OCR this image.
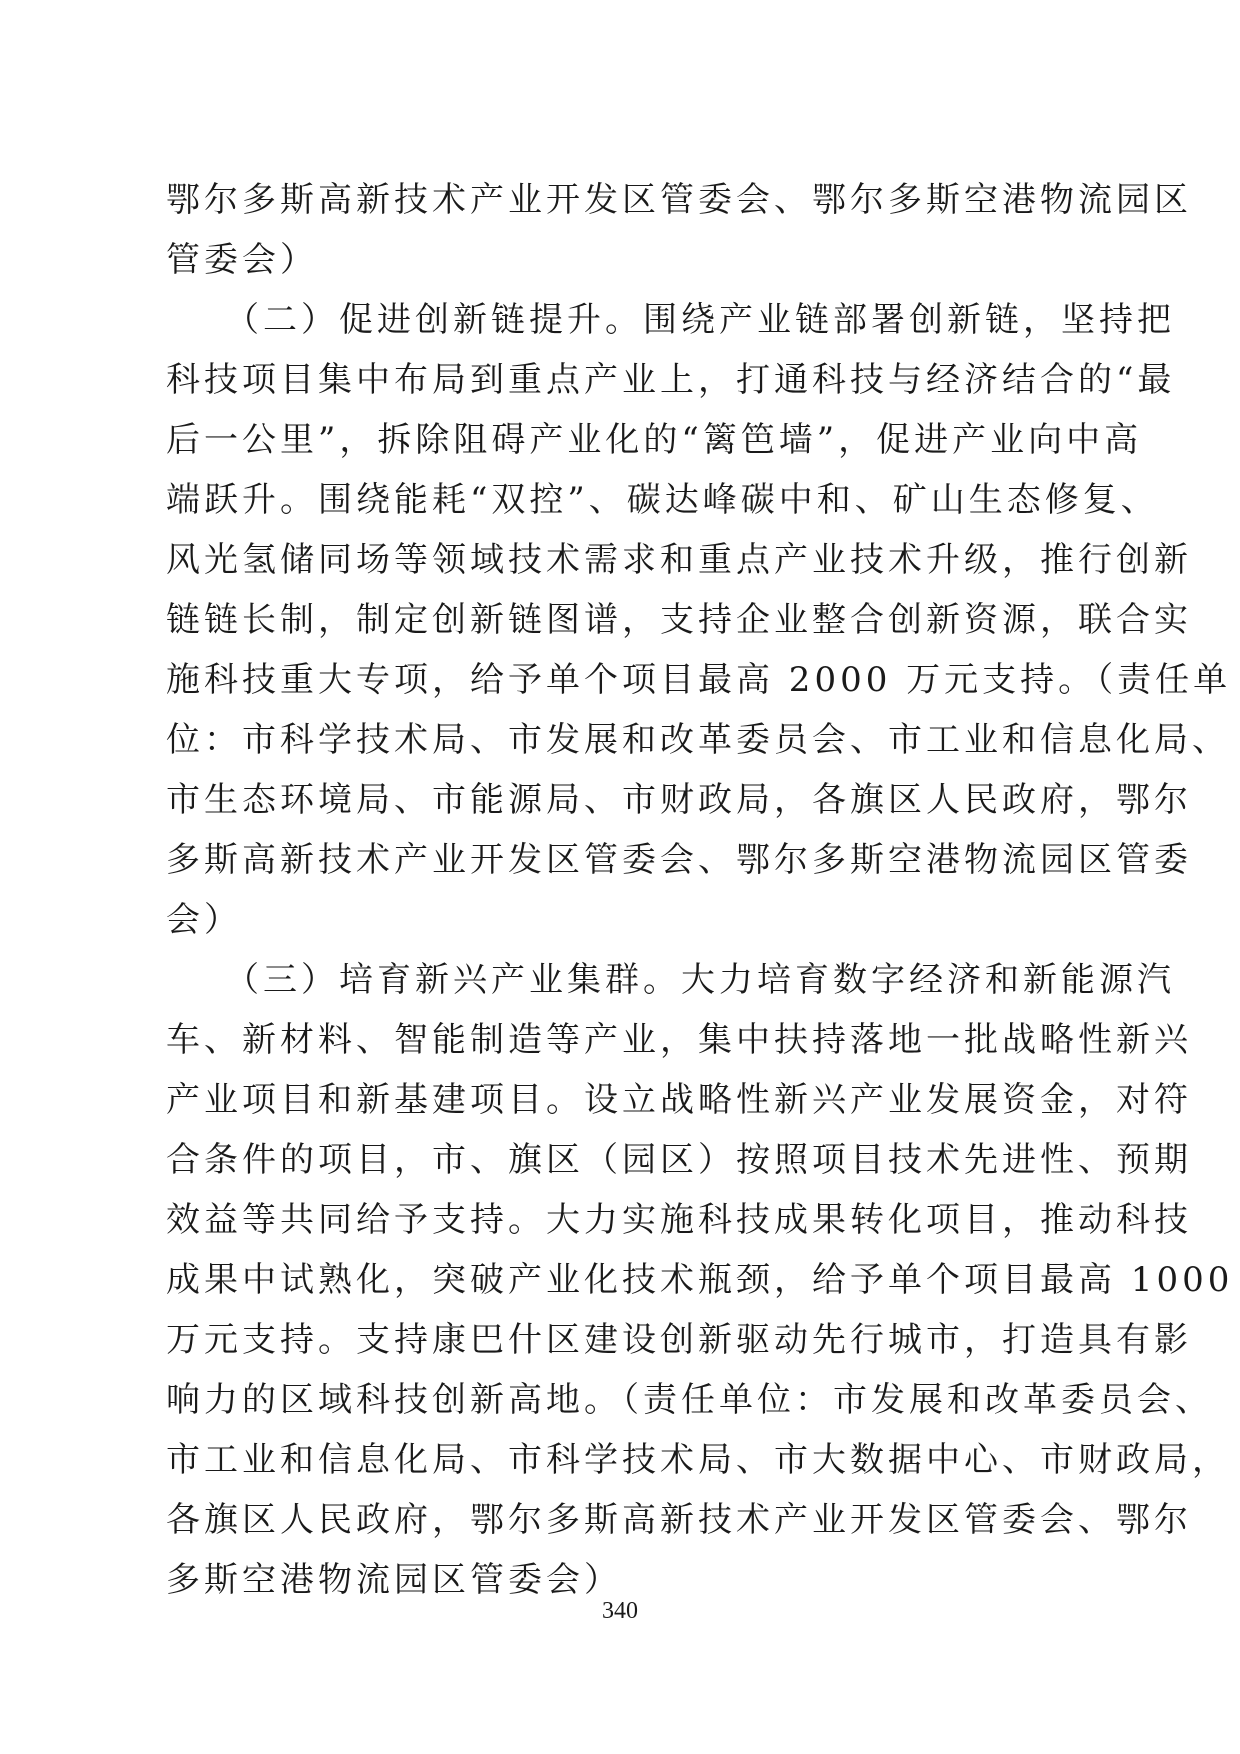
鄂尔多斯高新技术产业开发区管委会、鄂尔多斯空港物流园区
管委会）
　　（二）促进创新链提升。围绕产业链部署创新链，坚持把
科技项目集中布局到重点产业上，打通科技与经济结合的“最
后一公里”，拆除阻碍产业化的“篱笆墙”，促进产业向中高
端跃升。围绕能耗“双控”、碳达峰碳中和、矿山生态修复、
风光氢储同场等领域技术需求和重点产业技术升级，推行创新
链链长制，制定创新链图谱，支持企业整合创新资源，联合实
施科技重大专项，给予单个项目最高 2000 万元支持。（责任单
位：市科学技术局、市发展和改革委员会、市工业和信息化局、
市生态环境局、市能源局、市财政局，各旗区人民政府，鄂尔
多斯高新技术产业开发区管委会、鄂尔多斯空港物流园区管委
会）
　　（三）培育新兴产业集群。大力培育数字经济和新能源汽
车、新材料、智能制造等产业，集中扶持落地一批战略性新兴
产业项目和新基建项目。设立战略性新兴产业发展资金，对符
合条件的项目，市、旗区（园区）按照项目技术先进性、预期
效益等共同给予支持。大力实施科技成果转化项目，推动科技
成果中试熟化，突破产业化技术瓶颈，给予单个项目最高 1000
万元支持。支持康巴什区建设创新驱动先行城市，打造具有影
响力的区域科技创新高地。（责任单位：市发展和改革委员会、
市工业和信息化局、市科学技术局、市大数据中心、市财政局，
各旗区人民政府，鄂尔多斯高新技术产业开发区管委会、鄂尔
多斯空港物流园区管委会）
340
